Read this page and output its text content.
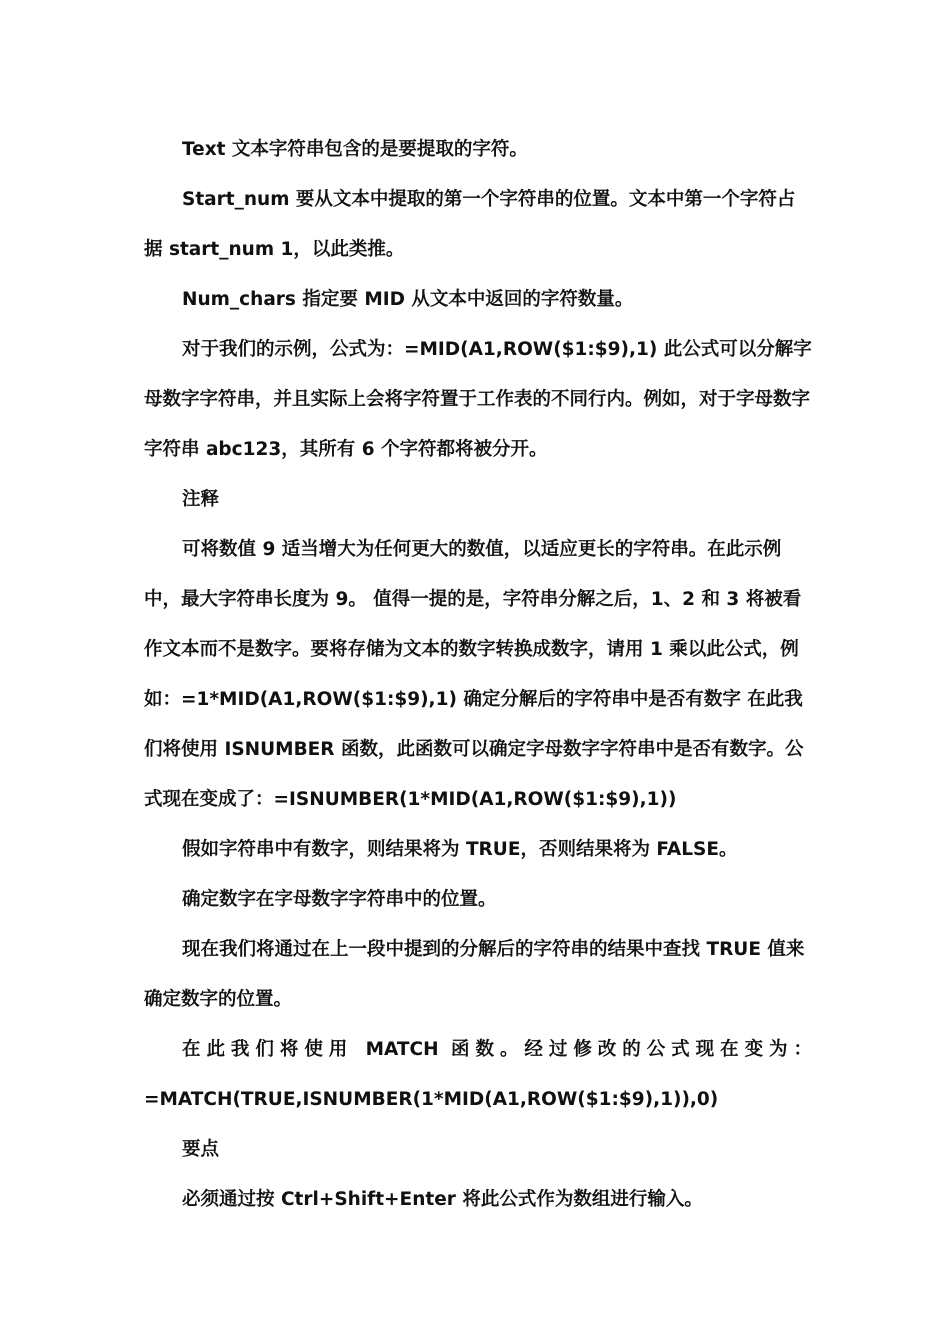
Text 文本字符串包含的是要提取的字符。

Start_num 要从文本中提取的第一个字符串的位置。文本中第一个字符占据 start_num 1，以此类推。

Num_chars 指定要 MID 从文本中返回的字符数量。

对于我们的示例，公式为：=MID(A1,ROW($1:$9),1) 此公式可以分解字母数字字符串，并且实际上会将字符置于工作表的不同行内。例如，对于字母数字字符串 abc123，其所有 6 个字符都将被分开。

注释

可将数值 9 适当增大为任何更大的数值，以适应更长的字符串。在此示例中，最大字符串长度为 9。 值得一提的是，字符串分解之后，1、2 和 3 将被看作文本而不是数字。要将存储为文本的数字转换成数字，请用 1 乘以此公式，例如：=1*MID(A1,ROW($1:$9),1) 确定分解后的字符串中是否有数字 在此我们将使用 ISNUMBER 函数，此函数可以确定字母数字字符串中是否有数字。公式现在变成了：=ISNUMBER(1*MID(A1,ROW($1:$9),1))

假如字符串中有数字，则结果将为 TRUE，否则结果将为 FALSE。

确定数字在字母数字字符串中的位置。

现在我们将通过在上一段中提到的分解后的字符串的结果中查找 TRUE 值来确定数字的位置。

在此我们将使用 MATCH 函数。经过修改的公式现在变为：

=MATCH(TRUE,ISNUMBER(1*MID(A1,ROW($1:$9),1)),0)

要点

必须通过按 Ctrl+Shift+Enter 将此公式作为数组进行输入。
